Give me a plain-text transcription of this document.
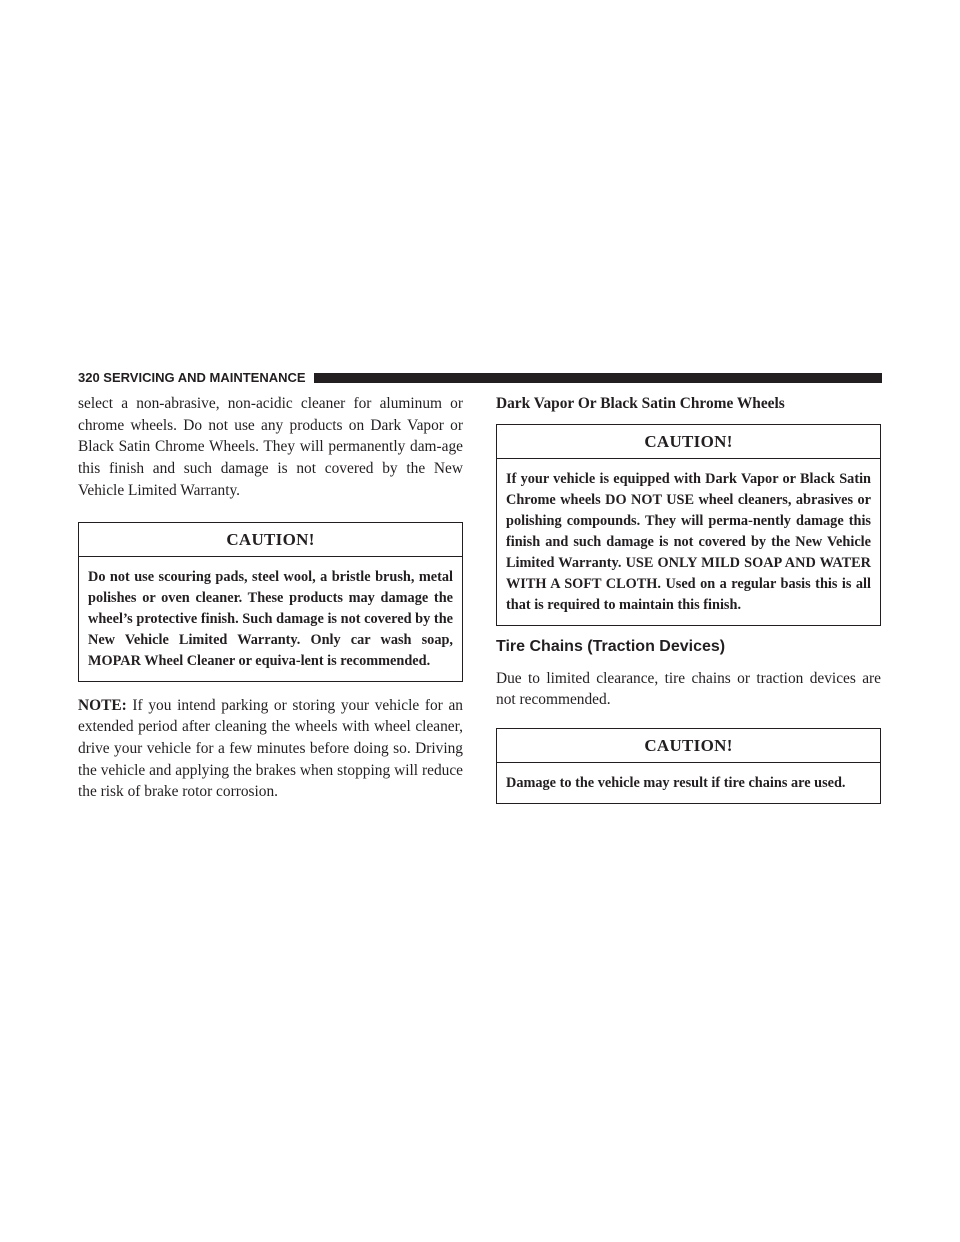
320 SERVICING AND MAINTENANCE

select a non-abrasive, non-acidic cleaner for aluminum or chrome wheels. Do not use any products on Dark Vapor or Black Satin Chrome Wheels. They will permanently dam-age this finish and such damage is not covered by the New Vehicle Limited Warranty.

CAUTION!

Do not use scouring pads, steel wool, a bristle brush, metal polishes or oven cleaner. These products may damage the wheel’s protective finish. Such damage is not covered by the New Vehicle Limited Warranty. Only car wash soap, MOPAR Wheel Cleaner or equiva-lent is recommended.

NOTE: If you intend parking or storing your vehicle for an extended period after cleaning the wheels with wheel cleaner, drive your vehicle for a few minutes before doing so. Driving the vehicle and applying the brakes when stopping will reduce the risk of brake rotor corrosion.

Dark Vapor Or Black Satin Chrome Wheels

CAUTION!

If your vehicle is equipped with Dark Vapor or Black Satin Chrome wheels DO NOT USE wheel cleaners, abrasives or polishing compounds. They will perma-nently damage this finish and such damage is not covered by the New Vehicle Limited Warranty. USE ONLY MILD SOAP AND WATER WITH A SOFT CLOTH. Used on a regular basis this is all that is required to maintain this finish.

Tire Chains (Traction Devices)

Due to limited clearance, tire chains or traction devices are not recommended.

CAUTION!

Damage to the vehicle may result if tire chains are used.
